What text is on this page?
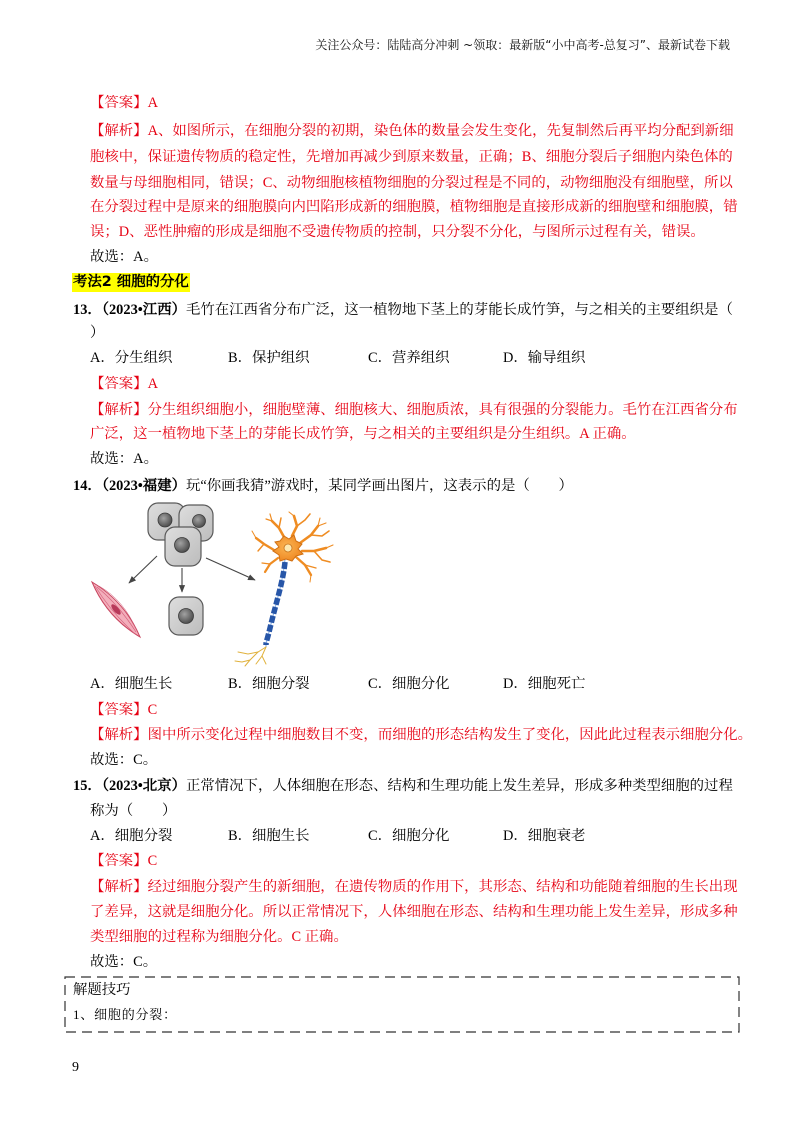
关注公众号：陆陆高分冲刺 ~领取：最新版“小中高考-总复习”、最新试卷下载
【答案】A
【解析】A、如图所示，在细胞分裂的初期，染色体的数量会发生变化，先复制然后再平均分配到新细
胞核中，保证遗传物质的稳定性，先增加再减少到原来数量，正确；B、细胞分裂后子细胞内染色体的
数量与母细胞相同，错误；C、动物细胞核植物细胞的分裂过程是不同的，动物细胞没有细胞壁，所以
在分裂过程中是原来的细胞膜向内凹陷形成新的细胞膜，植物细胞是直接形成新的细胞壁和细胞膜，错
误；D、恶性肿瘤的形成是细胞不受遗传物质的控制，只分裂不分化，与图所示过程有关，错误。
故选：A。
考法2 细胞的分化
13．（2023•江西）毛竹在江西省分布广泛，这一植物地下茎上的芽能长成竹笋，与之相关的主要组织是（
）
A．分生组织	B．保护组织	C．营养组织	D．输导组织
【答案】A
【解析】分生组织细胞小，细胞壁薄、细胞核大、细胞质浓，具有很强的分裂能力。毛竹在江西省分布
广泛，这一植物地下茎上的芽能长成竹笋，与之相关的主要组织是分生组织。A 正确。
故选：A。
14．（2023•福建）玩“你画我猜”游戏时，某同学画出图片，这表示的是（　　）
A．细胞生长	B．细胞分裂	C．细胞分化	D．细胞死亡
【答案】C
【解析】图中所示变化过程中细胞数目不变，而细胞的形态结构发生了变化，因此此过程表示细胞分化。
故选：C。
15．（2023•北京）正常情况下，人体细胞在形态、结构和生理功能上发生差异，形成多种类型细胞的过程
称为（　　）
A．细胞分裂	B．细胞生长	C．细胞分化	D．细胞衰老
【答案】C
【解析】经过细胞分裂产生的新细胞，在遗传物质的作用下，其形态、结构和功能随着细胞的生长出现
了差异，这就是细胞分化。所以正常情况下，人体细胞在形态、结构和生理功能上发生差异，形成多种
类型细胞的过程称为细胞分化。C 正确。
故选：C。
解题技巧
1、细胞的分裂：
9
